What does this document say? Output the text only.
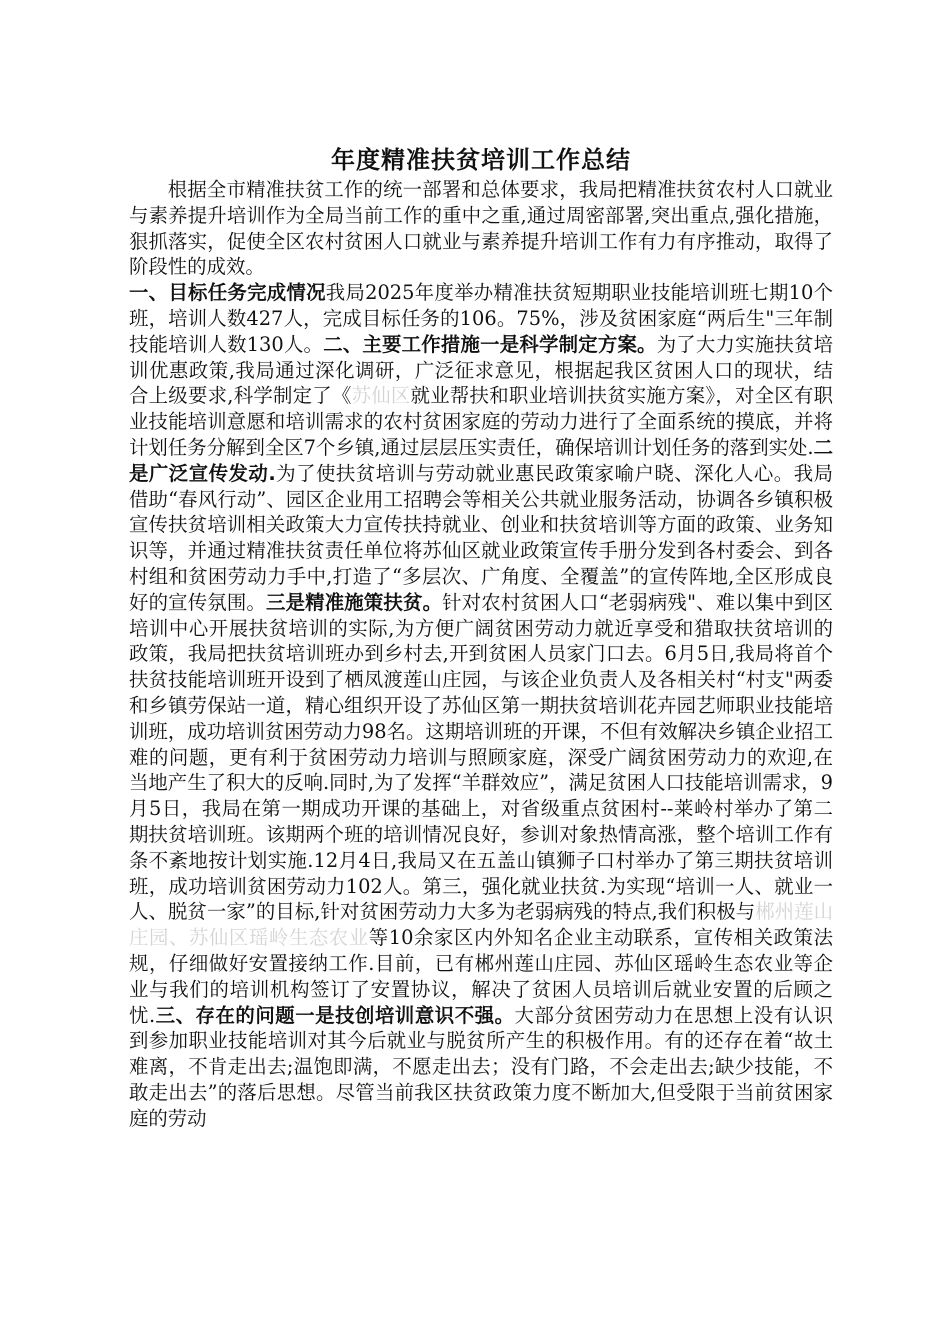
年度精准扶贫培训工作总结

根据全市精准扶贫工作的统一部署和总体要求，我局把精准扶贫农村人口就业与素养提升培训作为全局当前工作的重中之重,通过周密部署,突出重点,强化措施，狠抓落实，促使全区农村贫困人口就业与素养提升培训工作有力有序推动，取得了阶段性的成效。

一、目标任务完成情况我局2025年度举办精准扶贫短期职业技能培训班七期10个班，培训人数427人，完成目标任务的106。75%，涉及贫困家庭“两后生"三年制技能培训人数130人。二、主要工作措施一是科学制定方案。为了大力实施扶贫培训优惠政策,我局通过深化调研，广泛征求意见，根据起我区贫困人口的现状，结合上级要求,科学制定了《苏仙区就业帮扶和职业培训扶贫实施方案》，对全区有职业技能培训意愿和培训需求的农村贫困家庭的劳动力进行了全面系统的摸底，并将计划任务分解到全区7个乡镇,通过层层压实责任，确保培训计划任务的落到实处.二是广泛宣传发动.为了使扶贫培训与劳动就业惠民政策家喻户晓、深化人心。我局借助“春风行动”、园区企业用工招聘会等相关公共就业服务活动，协调各乡镇积极宣传扶贫培训相关政策大力宣传扶持就业、创业和扶贫培训等方面的政策、业务知识等，并通过精准扶贫责任单位将苏仙区就业政策宣传手册分发到各村委会、到各村组和贫困劳动力手中,打造了“多层次、广角度、全覆盖”的宣传阵地,全区形成良好的宣传氛围。三是精准施策扶贫。针对农村贫困人口“老弱病残"、难以集中到区培训中心开展扶贫培训的实际,为方便广阔贫困劳动力就近享受和猎取扶贫培训的政策，我局把扶贫培训班办到乡村去,开到贫困人员家门口去。6月5日,我局将首个扶贫技能培训班开设到了栖凤渡莲山庄园，与该企业负责人及各相关村“村支"两委和乡镇劳保站一道，精心组织开设了苏仙区第一期扶贫培训花卉园艺师职业技能培训班，成功培训贫困劳动力98名。这期培训班的开课，不但有效解决乡镇企业招工难的问题，更有利于贫困劳动力培训与照顾家庭，深受广阔贫困劳动力的欢迎,在当地产生了积大的反响.同时,为了发挥“羊群效应”，满足贫困人口技能培训需求，9月5日，我局在第一期成功开课的基础上，对省级重点贫困村--莱岭村举办了第二期扶贫培训班。该期两个班的培训情况良好，参训对象热情高涨，整个培训工作有条不紊地按计划实施.12月4日,我局又在五盖山镇狮子口村举办了第三期扶贫培训班，成功培训贫困劳动力102人。第三，强化就业扶贫.为实现“培训一人、就业一人、脱贫一家”的目标,针对贫困劳动力大多为老弱病残的特点,我们积极与郴州莲山庄园、苏仙区瑶岭生态农业等10余家区内外知名企业主动联系，宣传相关政策法规，仔细做好安置接纳工作.目前，已有郴州莲山庄园、苏仙区瑶岭生态农业等企业与我们的培训机构签订了安置协议，解决了贫困人员培训后就业安置的后顾之忧.三、存在的问题一是技创培训意识不强。大部分贫困劳动力在思想上没有认识到参加职业技能培训对其今后就业与脱贫所产生的积极作用。有的还存在着“故土难离，不肯走出去;温饱即满，不愿走出去；没有门路，不会走出去;缺少技能，不敢走出去”的落后思想。尽管当前我区扶贫政策力度不断加大,但受限于当前贫困家庭的劳动
